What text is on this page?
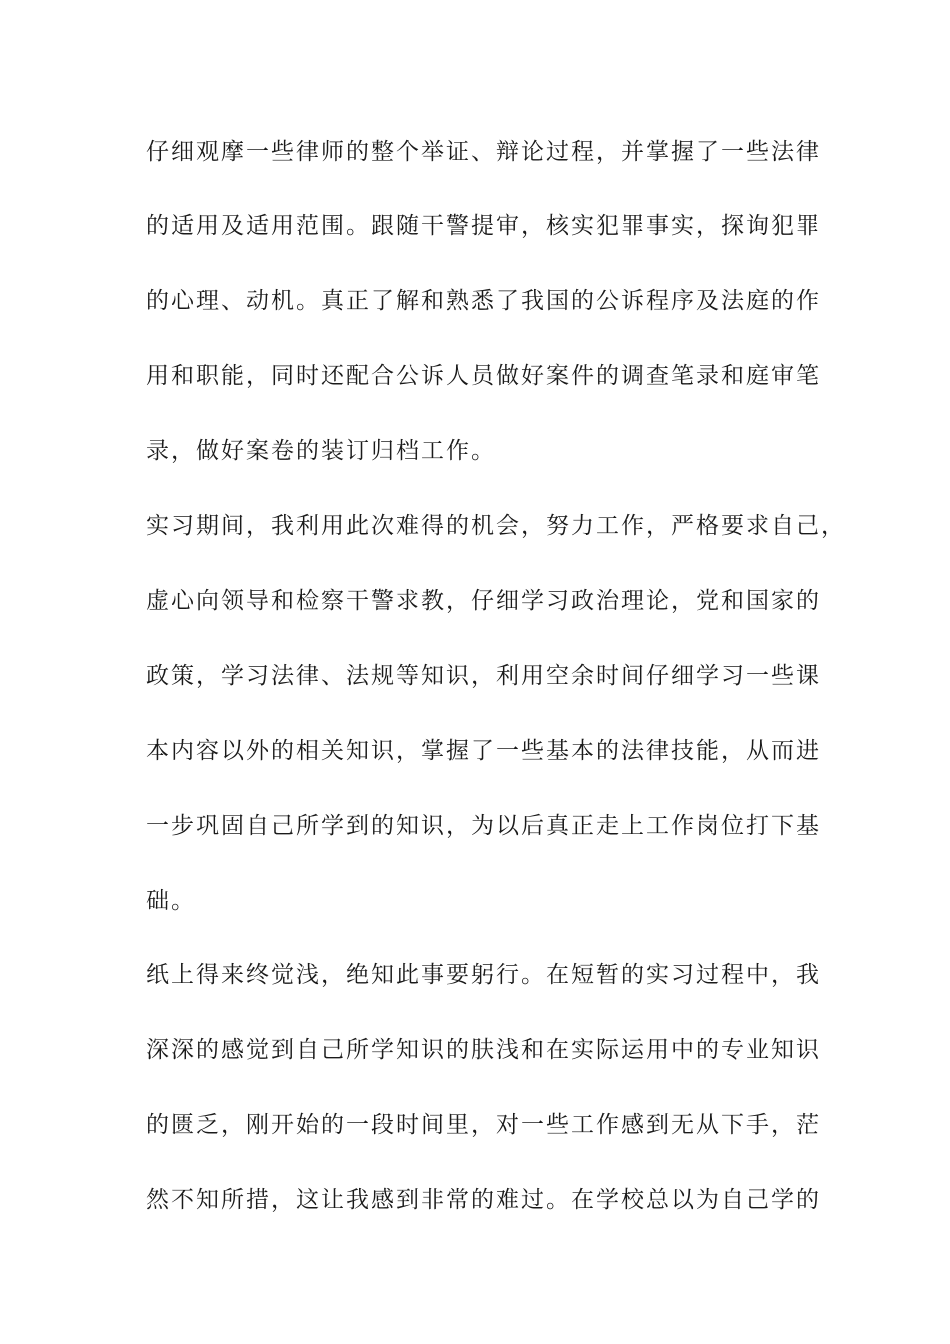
仔细观摩一些律师的整个举证、辩论过程，并掌握了一些法律
的适用及适用范围。跟随干警提审，核实犯罪事实，探询犯罪
的心理、动机。真正了解和熟悉了我国的公诉程序及法庭的作
用和职能，同时还配合公诉人员做好案件的调查笔录和庭审笔
录，做好案卷的装订归档工作。
实习期间，我利用此次难得的机会，努力工作，严格要求自己，
虚心向领导和检察干警求教，仔细学习政治理论，党和国家的
政策，学习法律、法规等知识，利用空余时间仔细学习一些课
本内容以外的相关知识，掌握了一些基本的法律技能，从而进
一步巩固自己所学到的知识，为以后真正走上工作岗位打下基
础。
纸上得来终觉浅，绝知此事要躬行。在短暂的实习过程中，我
深深的感觉到自己所学知识的肤浅和在实际运用中的专业知识
的匮乏，刚开始的一段时间里，对一些工作感到无从下手，茫
然不知所措，这让我感到非常的难过。在学校总以为自己学的
